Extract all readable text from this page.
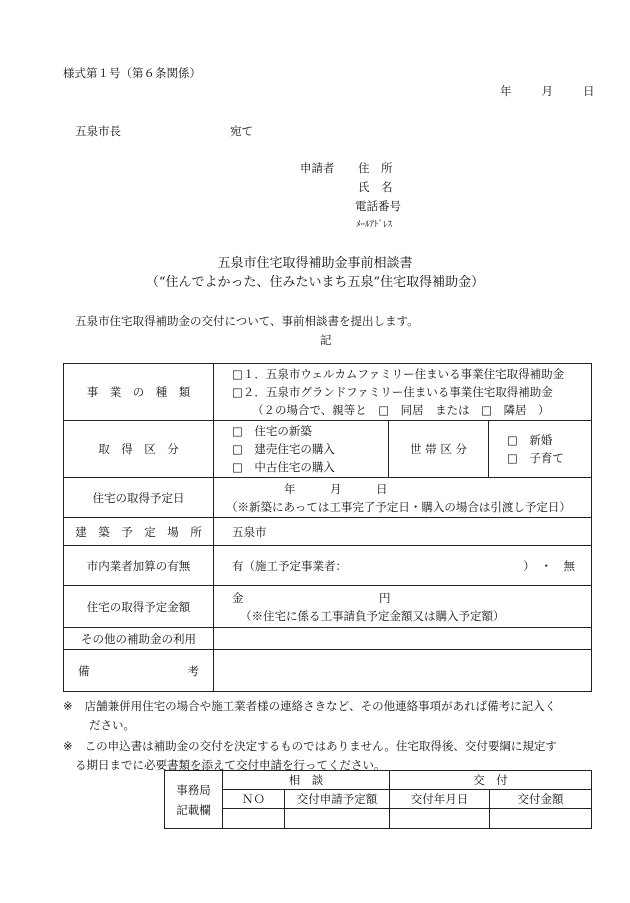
様式第１号（第６条関係）
年	月	日
五泉市長	宛て
申請者 住　所
氏　名
電話番号
ﾒｰﾙｱﾄﾞﾚｽ
五泉市住宅取得補助金事前相談書
（“住んでよかった、住みたいまち五泉”住宅取得補助金）
五泉市住宅取得補助金の交付について、事前相談書を提出します。
記
事　業　の　種　類	□１．五泉市ウェルカムファミリー住まいる事業住宅取得補助金
□２．五泉市グランドファミリー住まいる事業住宅取得補助金
（２の場合で、親等と　□　同居　または　□　隣居　）		

取　得　区　分	□　住宅の新築
□　建売住宅の購入
□　中古住宅の購入	世 帯 区 分	□　新婚
□　子育て

住宅の取得予定日	年　　　月　　　日
（※新築にあっては工事完了予定日・購入の場合は引渡し予定日）		

建　築　予　定　場　所	五泉市		

市内業者加算の有無	有（施工予定事業者： ）　・　無		

住宅の取得予定金額	金 円
（※住宅に係る工事請負予定金額又は購入予定額）		

その他の補助金の利用			

備 考			

※ 店舗兼併用住宅の場合や施工業者様の連絡さきなど、その他連絡事項があれば備考に記入く
ださい。
※ この申込書は補助金の交付を決定するものではありません。住宅取得後、交付要綱に規定す
る期日までに必要書類を添えて交付申請を行ってください。
事務局
記載欄	相　談		交　付	
	ＮＯ	交付申請予定額	交付年月日	交付金額
